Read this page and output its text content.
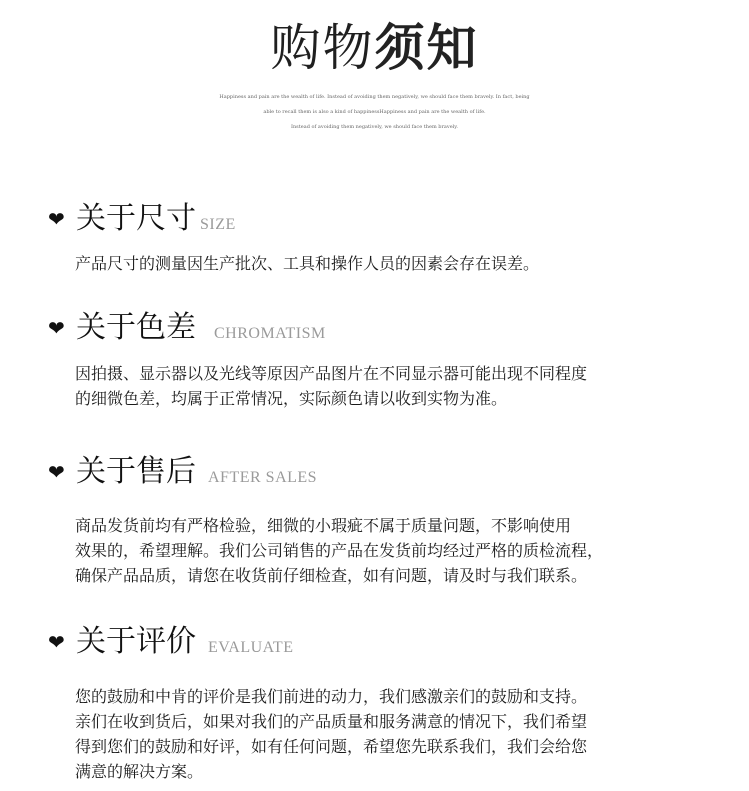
购物须知
Happiness and pain are the wealth of life. Instead of avoiding them negatively, we should face them bravely. In fact, being
able to recall them is also a kind of happinessHappiness and pain are the wealth of life.
Instead of avoiding them negatively, we should face them bravely.
❤ 关于尺寸 SIZE
产品尺寸的测量因生产批次、工具和操作人员的因素会存在误差。
❤ 关于色差 CHROMATISM
因拍摄、显示器以及光线等原因产品图片在不同显示器可能出现不同程度
的细微色差，均属于正常情况，实际颜色请以收到实物为准。
❤ 关于售后 AFTER SALES
商品发货前均有严格检验，细微的小瑕疵不属于质量问题，不影响使用
效果的，希望理解。我们公司销售的产品在发货前均经过严格的质检流程，
确保产品品质，请您在收货前仔细检查，如有问题，请及时与我们联系。
❤ 关于评价 EVALUATE
您的鼓励和中肯的评价是我们前进的动力，我们感激亲们的鼓励和支持。
亲们在收到货后，如果对我们的产品质量和服务满意的情况下，我们希望
得到您们的鼓励和好评，如有任何问题，希望您先联系我们，我们会给您
满意的解决方案。
